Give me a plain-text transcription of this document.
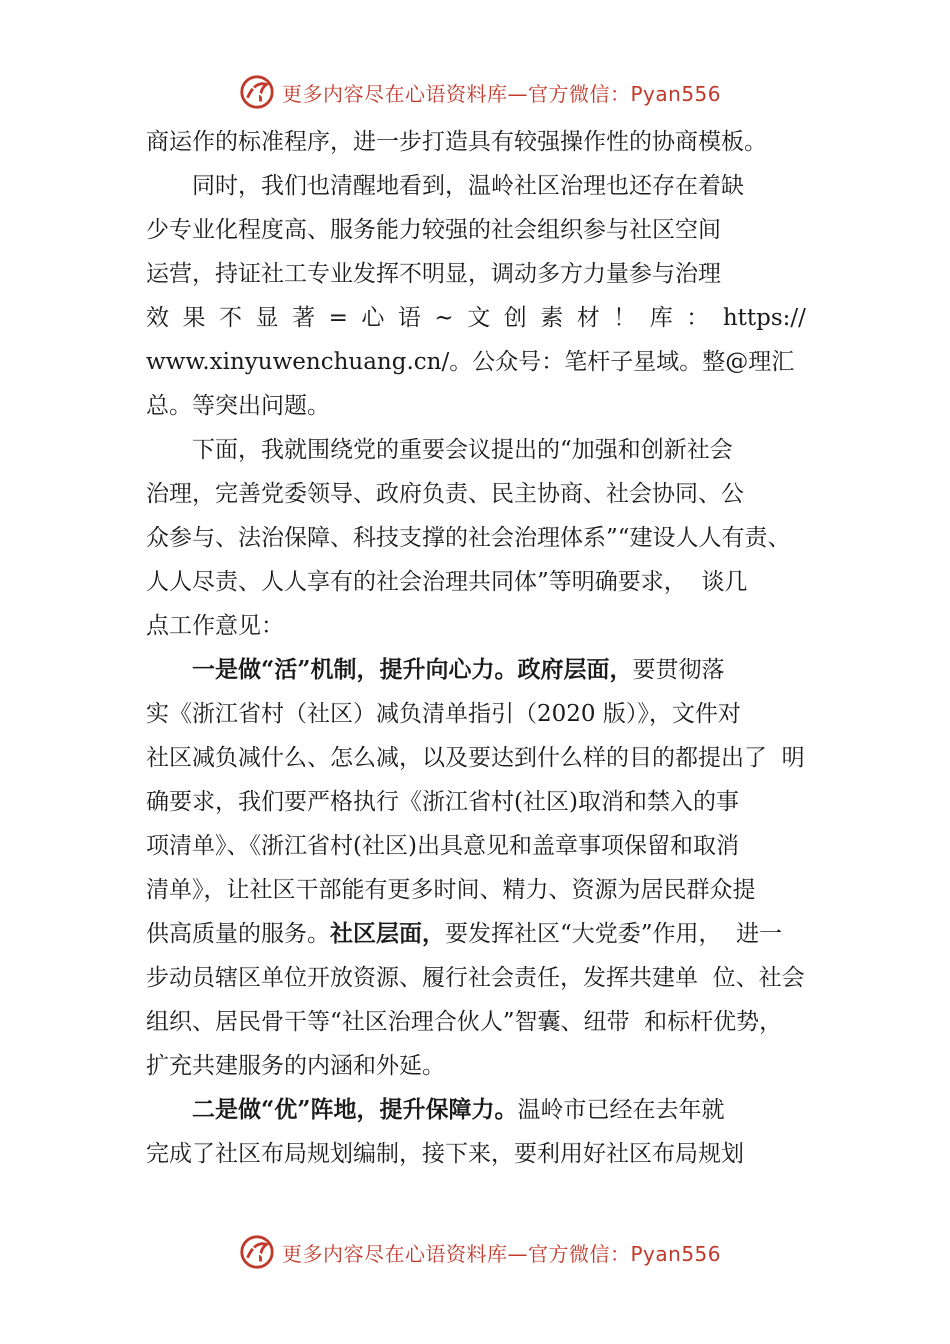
更多内容尽在心语资料库—官方微信：Pyan556
商运作的标准程序，进一步打造具有较强操作性的协商模板。
同时，我们也清醒地看到，温岭社区治理也还存在着缺
少专业化程度高、服务能力较强的社会组织参与社区空间
运营，持证社工专业发挥不明显，调动多方力量参与治理
效 果 不 显 著 = 心 语 ~ 文 创 素 材 ！ 库 ： https://
www.xinyuwenchuang.cn/。公众号：笔杆子星域。整@理汇
总。等突出问题。
下面，我就围绕党的重要会议提出的“加强和创新社会
治理，完善党委领导、政府负责、民主协商、社会协同、公
众参与、法治保障、科技支撑的社会治理体系”“建设人人有责、
人人尽责、人人享有的社会治理共同体”等明确要求，  谈几
点工作意见：
一是做“活”机制，提升向心力。政府层面，要贯彻落
实《浙江省村（社区）减负清单指引（2020 版）》，文件对
社区减负减什么、怎么减，以及要达到什么样的目的都提出了  明
确要求，我们要严格执行《浙江省村(社区)取消和禁入的事
项清单》、《浙江省村(社区)出具意见和盖章事项保留和取消
清单》，让社区干部能有更多时间、精力、资源为居民群众提
供高质量的服务。社区层面，要发挥社区“大党委”作用，  进一
步动员辖区单位开放资源、履行社会责任，发挥共建单  位、社会
组织、居民骨干等“社区治理合伙人”智囊、纽带  和标杆优势，
扩充共建服务的内涵和外延。
二是做“优”阵地，提升保障力。温岭市已经在去年就
完成了社区布局规划编制，接下来，要利用好社区布局规划
更多内容尽在心语资料库—官方微信：Pyan556
